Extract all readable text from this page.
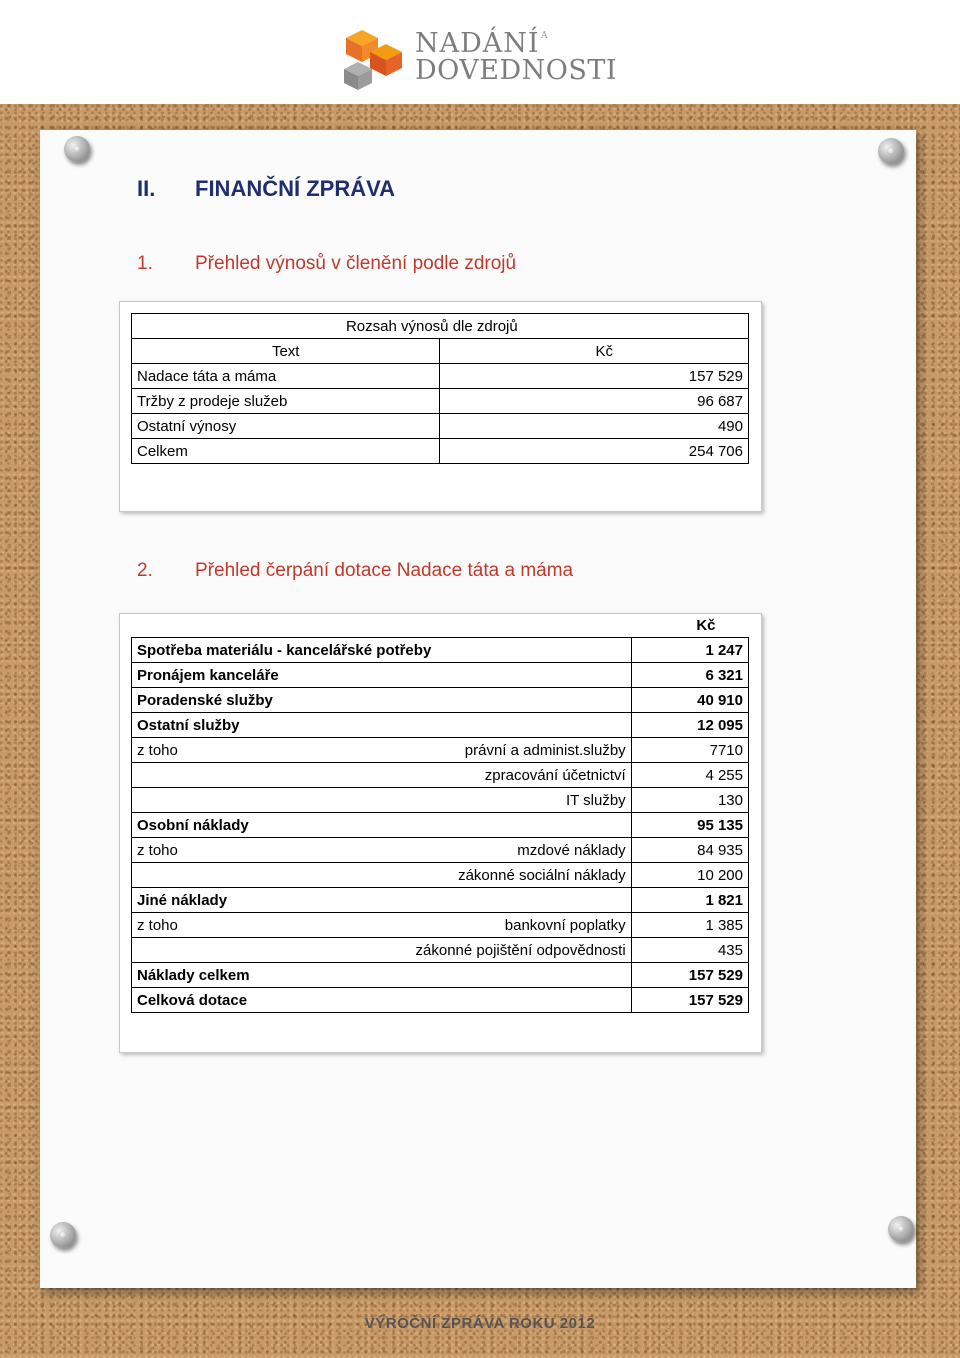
NADÁNÍ
DOVEDNOSTI
A
II. FINANČNÍ ZPRÁVA
1. Přehled výnosů v členění podle zdrojů
	Rozsah výnosů dle zdrojů
Text	Kč
Nadace táta a máma	157 529
Tržby z prodeje služeb	96 687
Ostatní výnosy	490
Celkem	254 706
2. Přehled čerpání dotace Nadace táta a máma
	Kč

Spotřeba materiálu - kancelářské potřeby	1 247

Pronájem kanceláře	6 321

Poradenské služby	40 910

Ostatní služby	12 095

z toho právní a administ.služby	7710

zpracování účetnictví	4 255

IT služby	130

Osobní náklady	95 135

z toho mzdové náklady	84 935

zákonné sociální náklady	10 200

Jiné náklady	1 821

z toho bankovní poplatky	1 385

zákonné pojištění odpovědnosti	435

Náklady celkem	157 529

Celková dotace	157 529
VÝROČNÍ ZPRÁVA ROKU 2012
